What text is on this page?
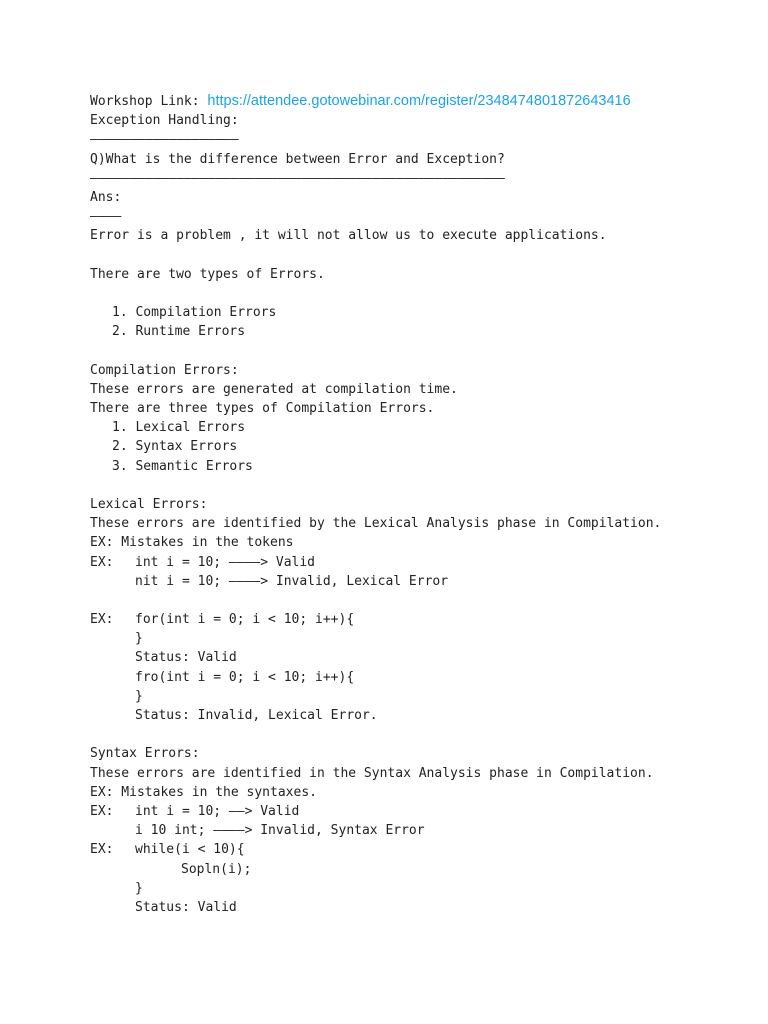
Workshop Link: https://attendee.gotowebinar.com/register/2348474801872643416
Exception Handling:
———————————————————
Q)What is the difference between Error and Exception?
—————————————————————————————————————————————————————
Ans:
————
Error is a problem , it will not allow us to execute applications.
There are two types of Errors.
1. Compilation Errors
2. Runtime Errors
Compilation Errors:
These errors are generated at compilation time.
There are three types of Compilation Errors.
1. Lexical Errors
2. Syntax Errors
3. Semantic Errors
Lexical Errors:
These errors are identified by the Lexical Analysis phase in Compilation.
EX: Mistakes in the tokens
EX:	int i = 10; ————> Valid
nit i = 10; ————> Invalid, Lexical Error
EX:	for(int i = 0; i < 10; i++){
}
Status: Valid
fro(int i = 0; i < 10; i++){
}
Status: Invalid, Lexical Error.
Syntax Errors:
These errors are identified in the Syntax Analysis phase in Compilation.
EX: Mistakes in the syntaxes.
EX:	int i = 10; ——> Valid
i 10 int; ————> Invalid, Syntax Error
EX:	while(i < 10){
Sopln(i);
}
Status: Valid
